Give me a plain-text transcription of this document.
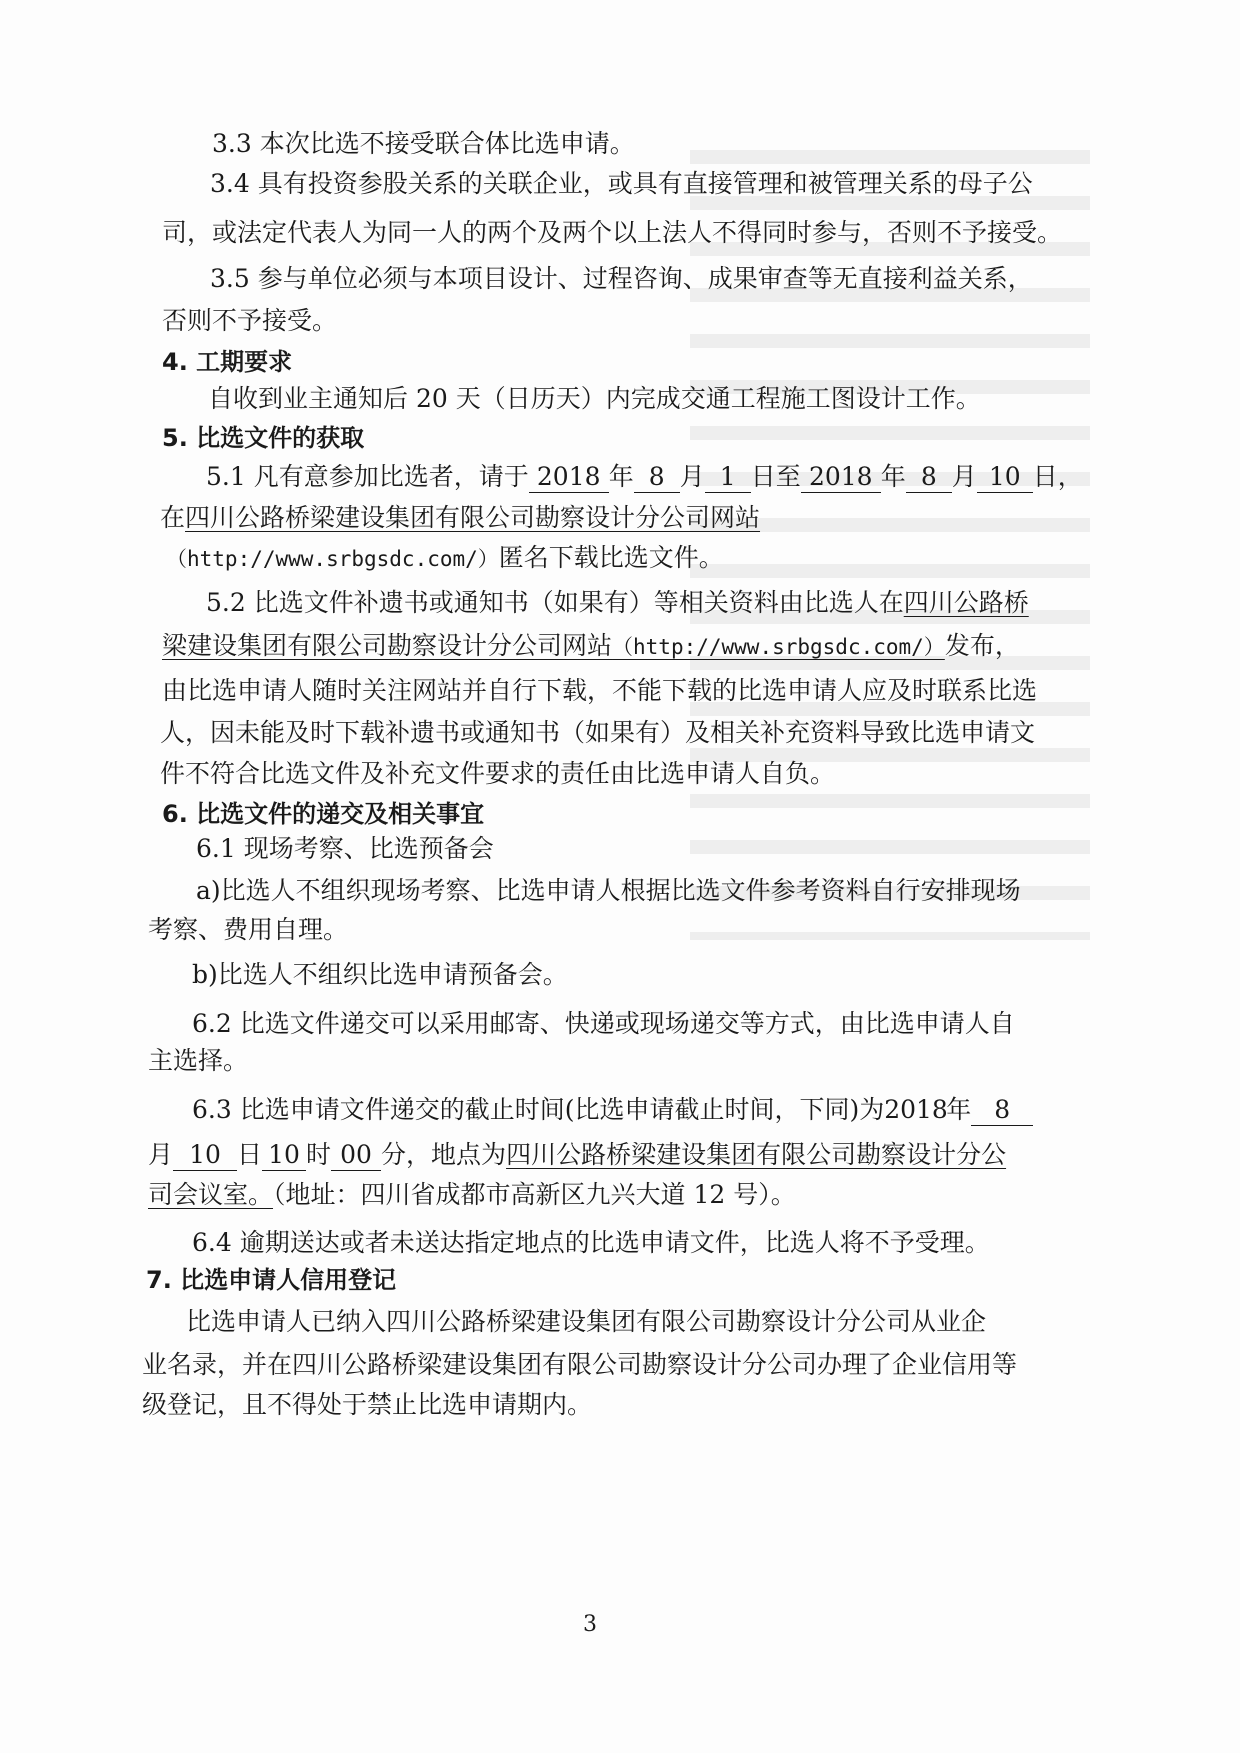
3.3 本次比选不接受联合体比选申请。
3.4 具有投资参股关系的关联企业，或具有直接管理和被管理关系的母子公
司，或法定代表人为同一人的两个及两个以上法人不得同时参与，否则不予接受。
3.5 参与单位必须与本项目设计、过程咨询、成果审查等无直接利益关系，
否则不予接受。
4. 工期要求
自收到业主通知后 20 天（日历天）内完成交通工程施工图设计工作。
5. 比选文件的获取
5.1 凡有意参加比选者，请于 2018 年 8 月 1 日至 2018 年 8 月 10 日，
在四川公路桥梁建设集团有限公司勘察设计分公司网站
（http://www.srbgsdc.com/）匿名下载比选文件。
5.2 比选文件补遗书或通知书（如果有）等相关资料由比选人在四川公路桥
梁建设集团有限公司勘察设计分公司网站（http://www.srbgsdc.com/）发布，
由比选申请人随时关注网站并自行下载，不能下载的比选申请人应及时联系比选
人，因未能及时下载补遗书或通知书（如果有）及相关补充资料导致比选申请文
件不符合比选文件及补充文件要求的责任由比选申请人自负。
6. 比选文件的递交及相关事宜
6.1 现场考察、比选预备会
a)比选人不组织现场考察、比选申请人根据比选文件参考资料自行安排现场
考察、费用自理。
b)比选人不组织比选申请预备会。
6.2 比选文件递交可以采用邮寄、快递或现场递交等方式，由比选申请人自
主选择。
6.3 比选申请文件递交的截止时间(比选申请截止时间，下同)为2018年 8
月 10 日 10 时 00 分，地点为四川公路桥梁建设集团有限公司勘察设计分公
司会议室。（地址：四川省成都市高新区九兴大道 12 号）。
6.4 逾期送达或者未送达指定地点的比选申请文件，比选人将不予受理。
7. 比选申请人信用登记
比选申请人已纳入四川公路桥梁建设集团有限公司勘察设计分公司从业企
业名录，并在四川公路桥梁建设集团有限公司勘察设计分公司办理了企业信用等
级登记，且不得处于禁止比选申请期内。
3
